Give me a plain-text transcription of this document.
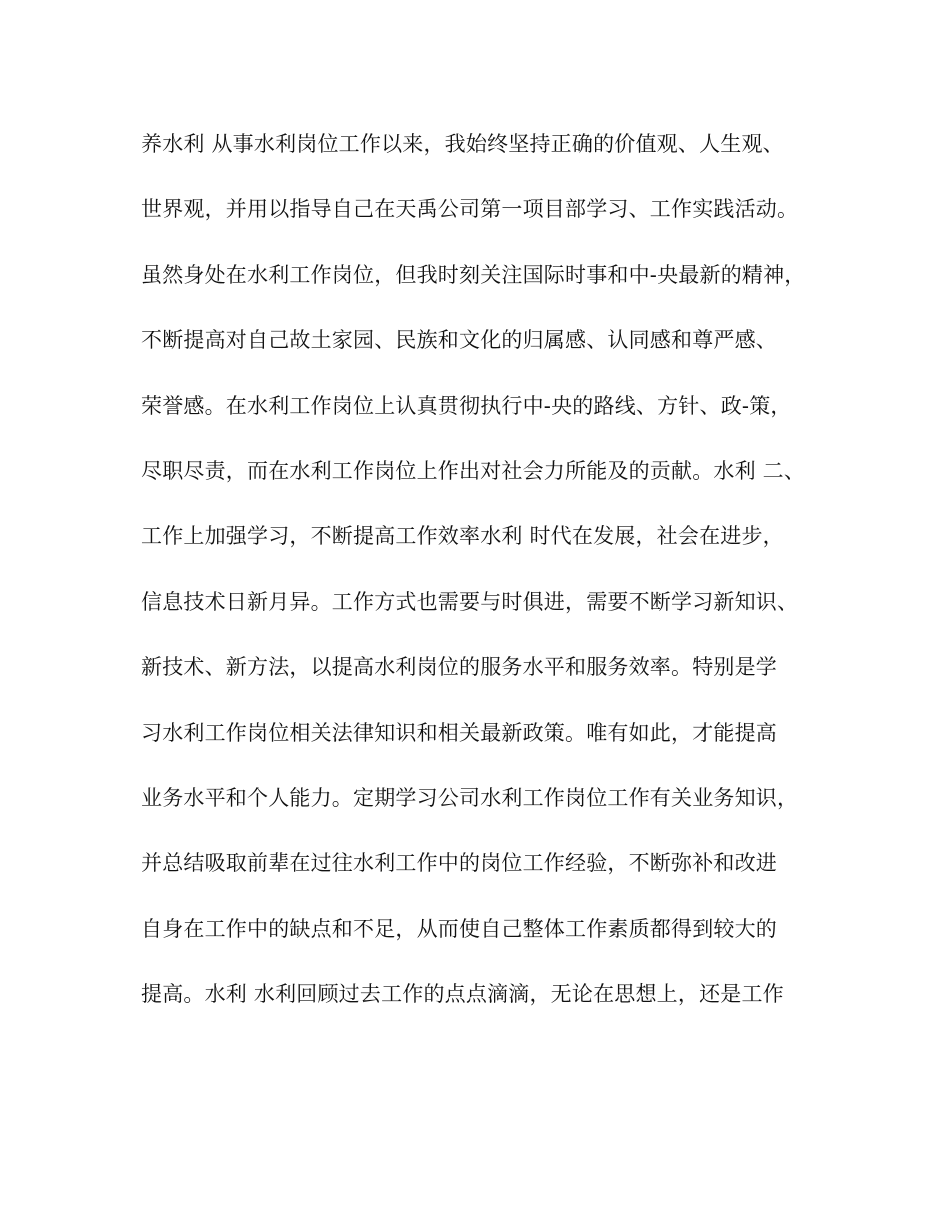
养水利 从事水利岗位工作以来，我始终坚持正确的价值观、人生观、
世界观，并用以指导自己在天禹公司第一项目部学习、工作实践活动。
虽然身处在水利工作岗位，但我时刻关注国际时事和中-央最新的精神，
不断提高对自己故土家园、民族和文化的归属感、认同感和尊严感、
荣誉感。在水利工作岗位上认真贯彻执行中-央的路线、方针、政-策，
尽职尽责，而在水利工作岗位上作出对社会力所能及的贡献。水利 二、
工作上加强学习，不断提高工作效率水利 时代在发展，社会在进步，
信息技术日新月异。工作方式也需要与时俱进，需要不断学习新知识、
新技术、新方法，以提高水利岗位的服务水平和服务效率。特别是学
习水利工作岗位相关法律知识和相关最新政策。唯有如此，才能提高
业务水平和个人能力。定期学习公司水利工作岗位工作有关业务知识，
并总结吸取前辈在过往水利工作中的岗位工作经验，不断弥补和改进
自身在工作中的缺点和不足，从而使自己整体工作素质都得到较大的
提高。水利 水利回顾过去工作的点点滴滴，无论在思想上，还是工作
